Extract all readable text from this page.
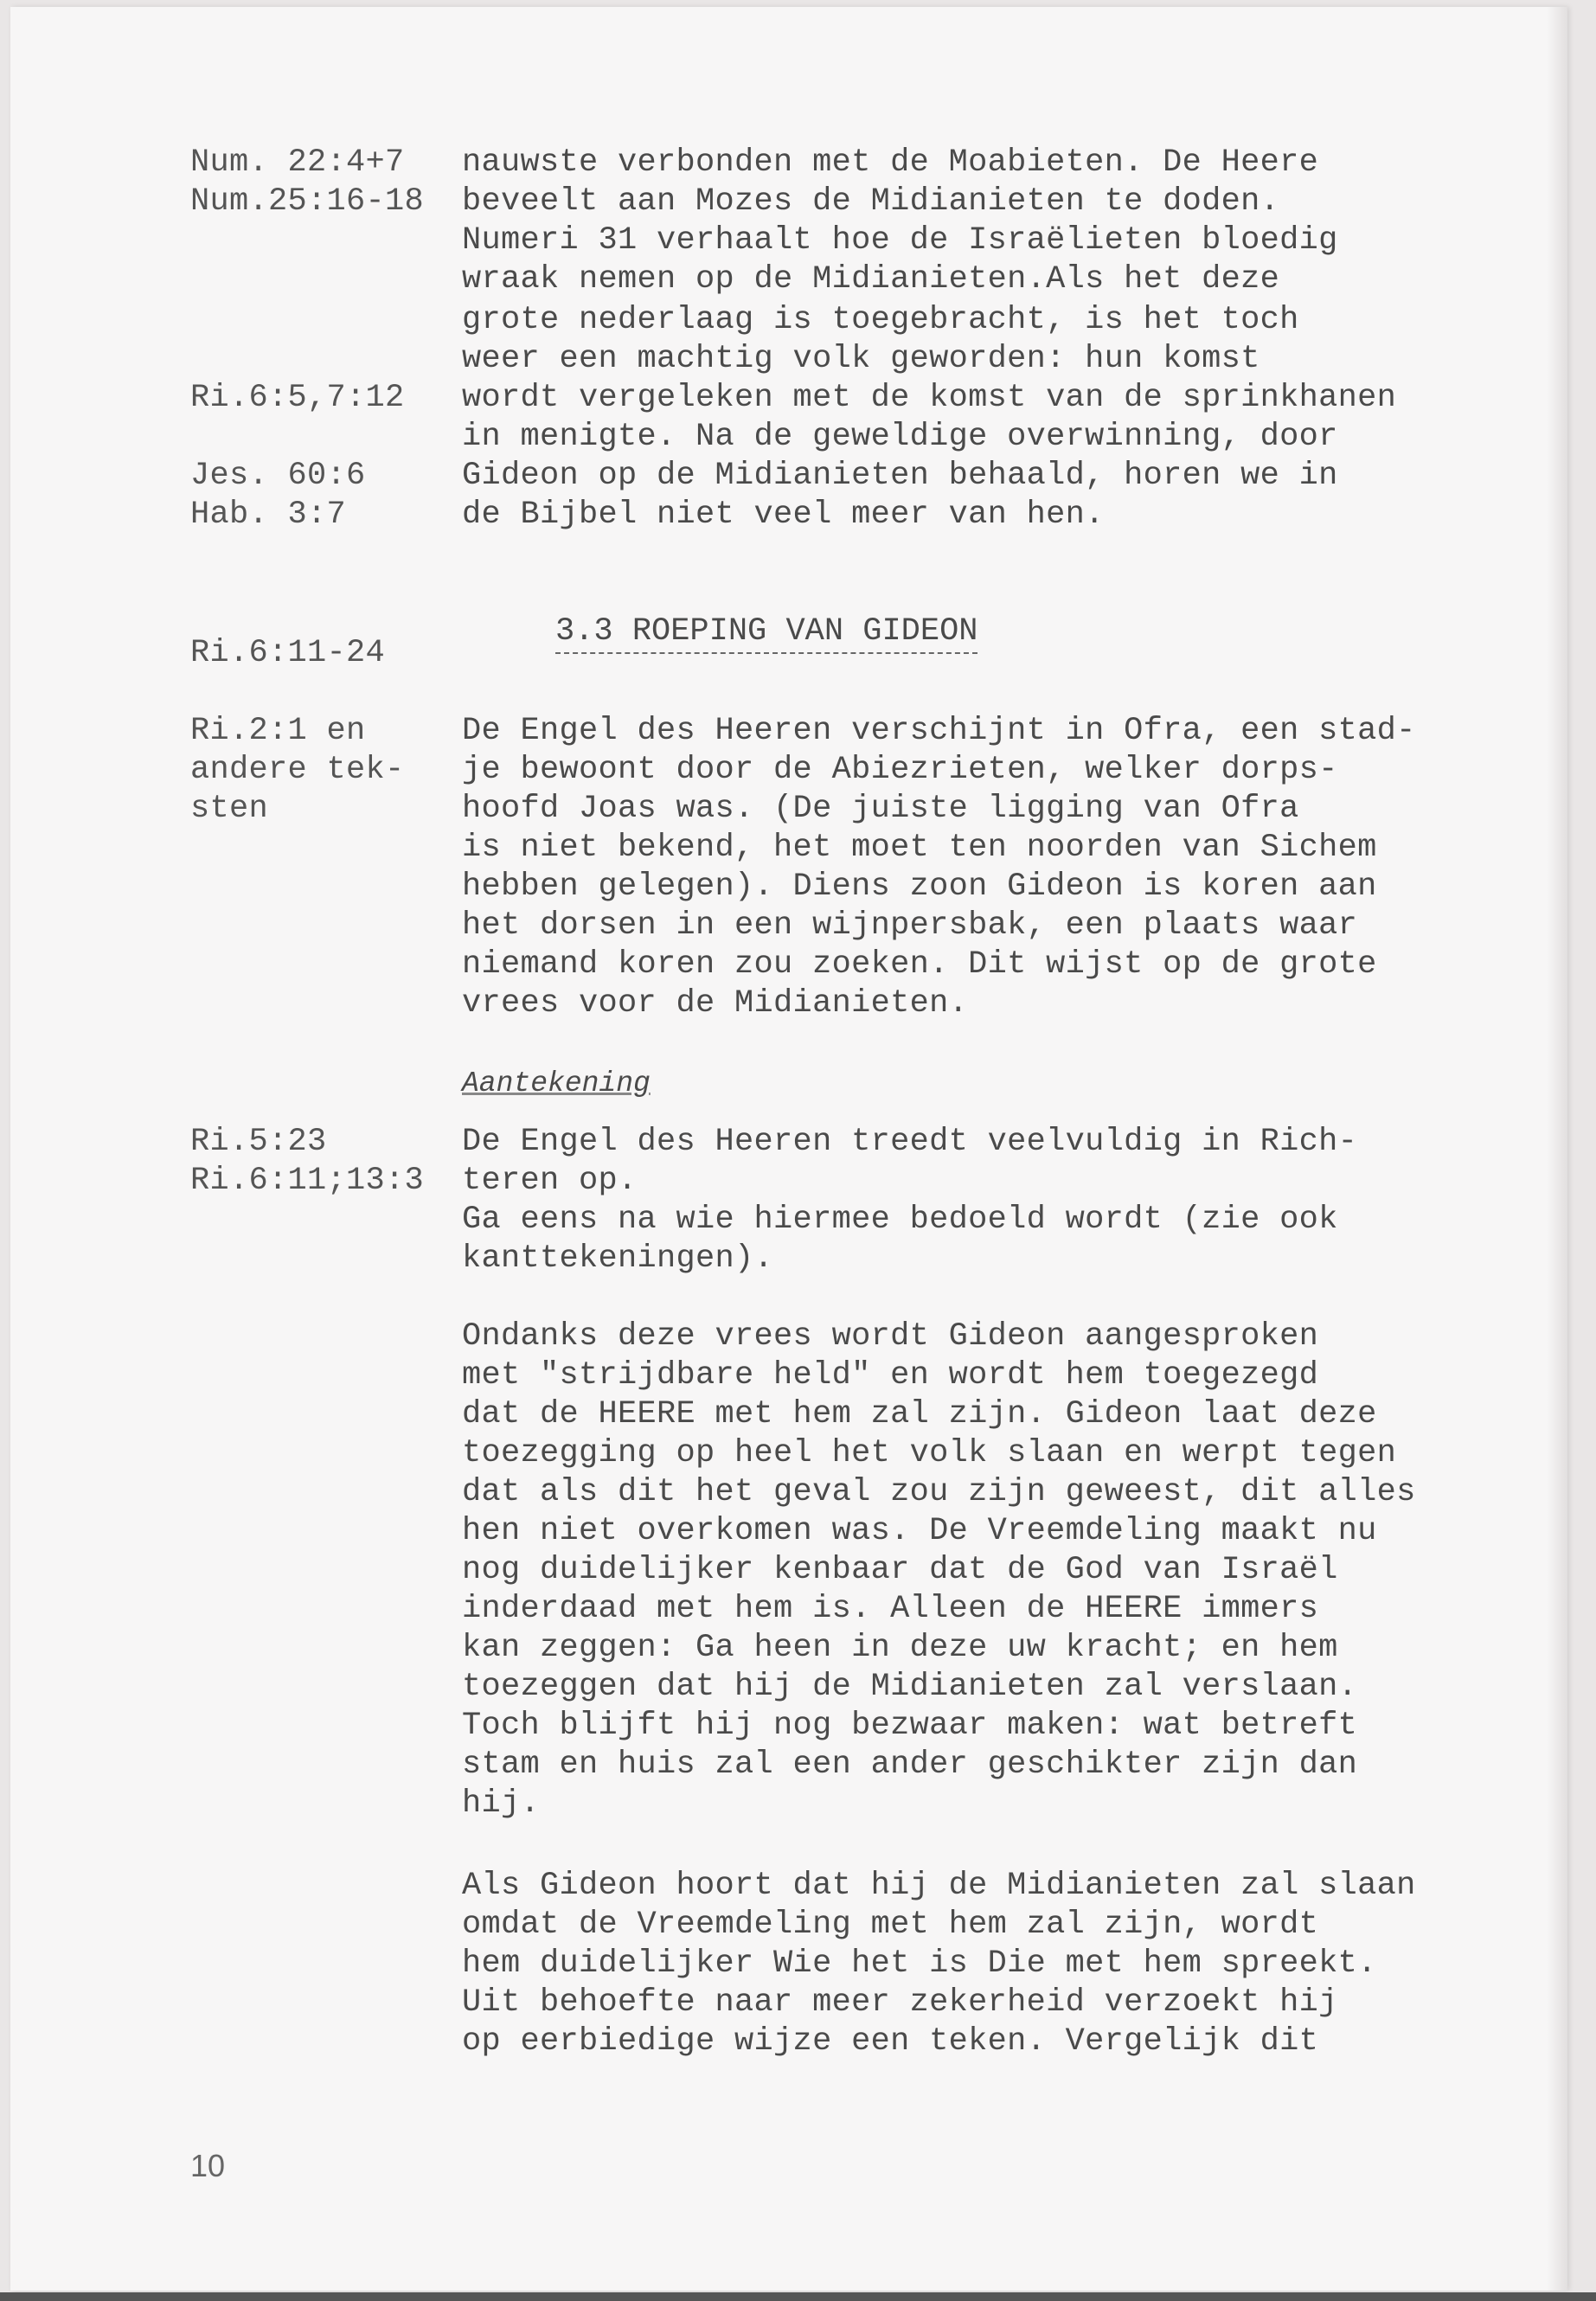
Num. 22:4+7
Num.25:16-18
Ri.6:5,7:12
Jes. 60:6
Hab. 3:7
Ri.6:11-24
Ri.2:1 en
andere tek-
sten
Ri.5:23
Ri.6:11;13:3
nauwste verbonden met de Moabieten. De Heere
beveelt aan Mozes de Midianieten te doden.
Numeri 31 verhaalt hoe de Israëlieten bloedig
wraak nemen op de Midianieten.Als het deze
grote nederlaag is toegebracht, is het toch
weer een machtig volk geworden: hun komst
wordt vergeleken met de komst van de sprinkhanen
in menigte. Na de geweldige overwinning, door
Gideon op de Midianieten behaald, horen we in
de Bijbel niet veel meer van hen.
3.3 ROEPING VAN GIDEON
De Engel des Heeren verschijnt in Ofra, een stad-
je bewoont door de Abiezrieten, welker dorps-
hoofd Joas was. (De juiste ligging van Ofra
is niet bekend, het moet ten noorden van Sichem
hebben gelegen). Diens zoon Gideon is koren aan
het dorsen in een wijnpersbak, een plaats waar
niemand koren zou zoeken. Dit wijst op de grote
vrees voor de Midianieten.
Aantekening
De Engel des Heeren treedt veelvuldig in Rich-
teren op.
Ga eens na wie hiermee bedoeld wordt (zie ook
kanttekeningen).
Ondanks deze vrees wordt Gideon aangesproken
met "strijdbare held" en wordt hem toegezegd
dat de HEERE met hem zal zijn. Gideon laat deze
toezegging op heel het volk slaan en werpt tegen
dat als dit het geval zou zijn geweest, dit alles
hen niet overkomen was. De Vreemdeling maakt nu
nog duidelijker kenbaar dat de God van Israël
inderdaad met hem is. Alleen de HEERE immers
kan zeggen: Ga heen in deze uw kracht; en hem
toezeggen dat hij de Midianieten zal verslaan.
Toch blijft hij nog bezwaar maken: wat betreft
stam en huis zal een ander geschikter zijn dan
hij.
Als Gideon hoort dat hij de Midianieten zal slaan
omdat de Vreemdeling met hem zal zijn, wordt
hem duidelijker Wie het is Die met hem spreekt.
Uit behoefte naar meer zekerheid verzoekt hij
op eerbiedige wijze een teken. Vergelijk dit
10
